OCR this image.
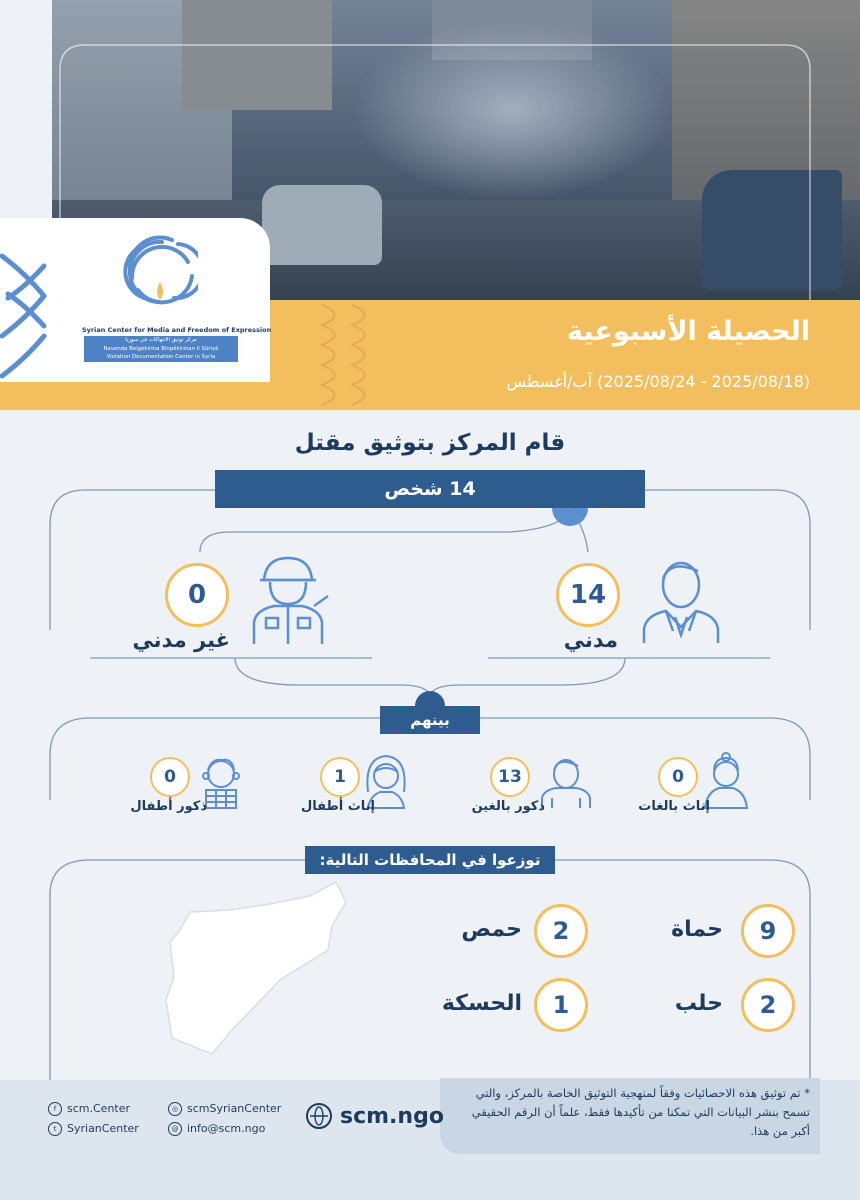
الحصيلة الأسبوعية
(2025/08/18 - 2025/08/24) آب/أغسطس
Syrian Center for Media and Freedom of Expression
مركز توثيق الانتهاكات في سوريا
Navenda Belgekirina Binpêkirinan li Sûriyê
Violation Documentation Center in Syria
قام المركز بتوثيق مقتل
14 شخص
14
مدني
0
غير مدني
بينهم
0
إناث بالغات
13
ذكور بالغين
1
إناث أطفال
0
ذكور أطفال
توزعوا في المحافظات التالية:
9
حماة
2
حمص
2
حلب
1
الحسكة
* تم توثيق هذه الاحصائيات وفقاً لمنهجية التوثيق الخاصة بالمركز، والتي تسمح بنشر البيانات التي تمكنا من تأكيدها فقط، علماً أن الرقم الحقيقي أكبر من هذا.
scm.ngo
f scm.Center
t SyrianCenter
◎ scmSyrianCenter
@ info@scm.ngo
